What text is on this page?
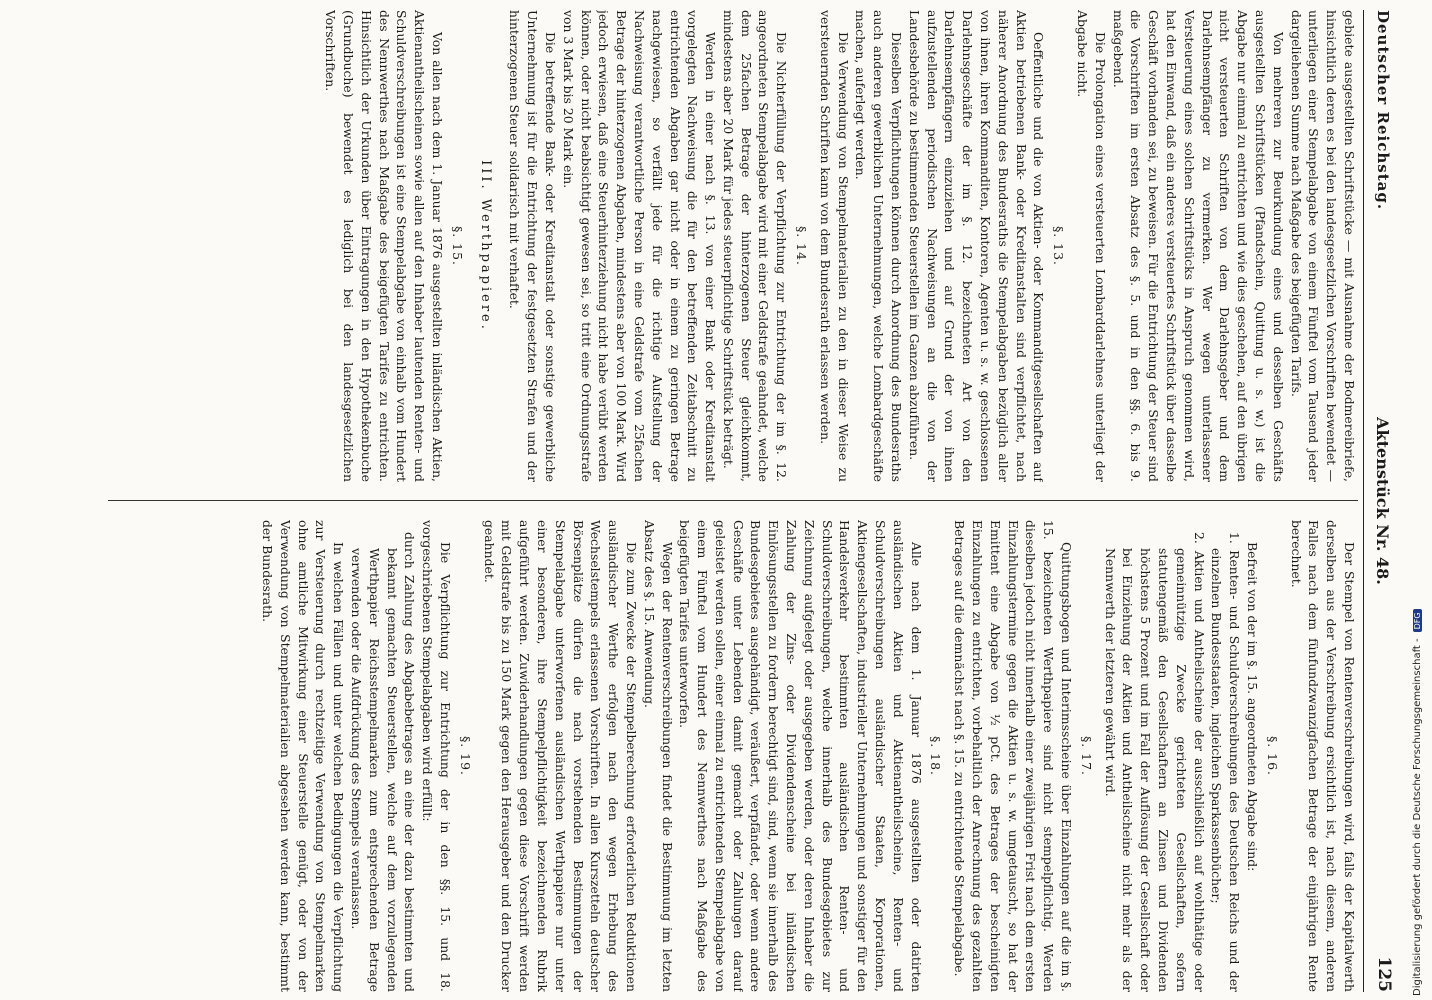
Digitalisierung gefördert durch die Deutsche Forschungsgemeinschaft -
DFG
Deutscher Reichstag.
Aktenstück Nr. 48.
125

gebiete ausgestellten Schriftstücke — mit Ausnahme der Bodmereibriefe, hinsichtlich deren es bei den landesgesetzlichen Vorschriften bewendet — unterliegen einer Stempelabgabe von einem Fünftel vom Tausend jeder dargeliehenen Summe nach Maßgabe des beigefügten Tarifs.

Von mehreren zur Beurkundung eines und desselben Geschäfts ausgestellten Schriftstücken (Pfandschein, Quittung u. s. w.) ist die Abgabe nur einmal zu entrichten und wie dies geschehen, auf den übrigen nicht versteuerten Schriften von dem Darlehnsgeber und dem Darlehnsempfänger zu vermerken. Wer wegen unterlassener Versteuerung eines solchen Schriftstücks in Anspruch genommen wird, hat den Einwand, daß ein anderes versteuertes Schriftstück über dasselbe Geschäft vorhanden sei, zu beweisen. Für die Entrichtung der Steuer sind die Vorschriften im ersten Absatz des §. 5. und in den §§. 6. bis 9. maßgebend.

Die Prolongation eines versteuerten Lombarddarlehnes unterliegt der Abgabe nicht.

§. 13.

Oeffentliche und die von Aktien- oder Kommanditgesellschaften auf Aktien betriebenen Bank- oder Kreditanstalten sind verpflichtet, nach näherer Anordnung des Bundesraths die Stempelabgaben bezüglich aller von ihnen, ihren Kommanditen, Kontoren, Agenten u. s. w. geschlossenen Darlehnsgeschäfte der im §. 12. bezeichneten Art von den Darlehnsempfängern einzuziehen und auf Grund der von ihnen aufzustellenden periodischen Nachweisungen an die von der Landesbehörde zu bestimmenden Steuerstellen im Ganzen abzuführen.

Dieselben Verpflichtungen können durch Anordnung des Bundesraths auch anderen gewerblichen Unternehmungen, welche Lombardgeschäfte machen, auferlegt werden.

Die Verwendung von Stempelmaterialien zu den in dieser Weise zu versteuernden Schriften kann von dem Bundesrath erlassen werden.

§. 14.

Die Nichterfüllung der Verpflichtung zur Entrichtung der im §. 12. angeordneten Stempelabgabe wird mit einer Geldstrafe geahndet, welche dem 25fachen Betrage der hinterzogenen Steuer gleichkommt, mindestens aber 20 Mark für jedes steuerpflichtige Schriftstück beträgt.

Werden in einer nach §. 13. von einer Bank oder Kreditanstalt vorgelegten Nachweisung die für den betreffenden Zeitabschnitt zu entrichtenden Abgaben gar nicht oder in einem zu geringen Betrage nachgewiesen, so verfällt jede für die richtige Aufstellung der Nachweisung verantwortliche Person in eine Geldstrafe vom 25fachen Betrage der hinterzogenen Abgaben, mindestens aber von 100 Mark. Wird jedoch erwiesen, daß eine Steuerhinterziehung nicht habe verübt werden können, oder nicht beabsichtigt gewesen sei, so tritt eine Ordnungsstrafe von 3 Mark bis 20 Mark ein.

Die betreffende Bank- oder Kreditanstalt oder sonstige gewerbliche Unternehmung ist für die Entrichtung der festgesetzten Strafen und der hinterzogenen Steuer solidarisch mit verhaftet.

III. Werthpapiere.
§. 15.

Von allen nach dem 1. Januar 1876 ausgestellten inländischen Aktien, Aktienantheilscheinen sowie allen auf den Inhaber lautenden Renten- und Schuldverschreibungen ist eine Stempelabgabe von einhalb vom Hundert des Nennwerthes nach Maßgabe des beigefügten Tarifes zu entrichten. Hinsichtlich der Urkunden über Eintragungen in den Hypothekenbuche (Grundbuche) bewendet es lediglich bei den landesgesetzlichen Vorschriften.

Der Stempel von Rentenverschreibungen wird, falls der Kapitalwerth derselben aus der Verschreibung ersichtlich ist, nach diesem, anderen Falles nach dem fünfundzwanzigfachen Betrage der einjährigen Rente berechnet.

§. 16.

Befreit von der im §. 15. angeordneten Abgabe sind:

1. Renten- und Schuldverschreibungen des Deutschen Reichs und der einzelnen Bundesstaaten, ingleichen Sparkassenbücher;

2. Aktien und Antheilscheine der ausschließlich auf wohlthätige oder gemeinnützige Zwecke gerichteten Gesellschaften, sofern statutengemäß den Gesellschaftern an Zinsen und Dividenden höchstens 5 Prozent und im Fall der Auflösung der Gesellschaft oder bei Einziehung der Aktien und Antheilscheine nicht mehr als der Nennwerth der letzteren gewährt wird.

§. 17.

Quittungsbogen und Interimsscheine über Einzahlungen auf die im §. 15. bezeichneten Werthpapiere sind nicht stempelpflichtig. Werden dieselben jedoch nicht innerhalb einer zweijährigen Frist nach dem ersten Einzahlungstermine gegen die Aktien u. s. w. umgetauscht, so hat der Emittent eine Abgabe von ½ pCt. des Betrages der bescheinigten Einzahlungen zu entrichten, vorbehaltlich der Anrechnung des gezahlten Betrages auf die demnächst nach §. 15. zu entrichtende Stempelabgabe.

§. 18.

Alle nach dem 1. Januar 1876 ausgestellten oder datirten ausländischen Aktien und Aktienantheilscheine, Renten- und Schuldverschreibungen ausländischer Staaten, Korporationen, Aktiengesellschaften, industrieller Unternehmungen und sonstiger für den Handelsverkehr bestimmten ausländischen Renten- und Schuldverschreibungen, welche innerhalb des Bundesgebietes zur Zeichnung aufgelegt oder ausgegeben werden, oder deren Inhaber die Zahlung der Zins- oder Dividendenscheine bei inländischen Einlösungsstellen zu fordern berechtigt sind, sind, wenn sie innerhalb des Bundesgebietes ausgehändigt, veräußert, verpfändet, oder wenn andere Geschäfte unter Lebenden damit gemacht oder Zahlungen darauf geleistet werden sollen, einer einmal zu entrichtenden Stempelabgabe von einem Fünftel vom Hundert des Nennwerthes nach Maßgabe des beigefügten Tarifes unterworfen.

Wegen der Rentenverschreibungen findet die Bestimmung im letzten Absatz des §. 15. Anwendung.

Die zum Zwecke der Stempelberechnung erforderlichen Reduktionen ausländischer Werthe erfolgen nach den wegen Erhebung des Wechselstempels erlassenen Vorschriften. In allen Kurszetteln deutscher Börsenplätze dürfen die nach vorstehenden Bestimmungen der Stempelabgabe unterworfenen ausländischen Werthpapiere nur unter einer besonderen, ihre Stempelpflichtigkeit bezeichnenden Rubrik aufgeführt werden. Zuwiderhandlungen gegen diese Vorschrift werden mit Geldstrafe bis zu 150 Mark gegen den Herausgeber und den Drucker geahndet.

§. 19.

Die Verpflichtung zur Entrichtung der in den §§. 15. und 18. vorgeschriebenen Stempelabgaben wird erfüllt:

durch Zahlung des Abgabebetrages an eine der dazu bestimmten und bekannt gemachten Steuerstellen, welche auf dem vorzulegenden Werthpapier Reichsstempelmarken zum entsprechenden Betrage verwenden oder die Aufdrückung des Stempels veranlassen.

In welchen Fällen und unter welchen Bedingungen die Verpflichtung zur Versteuerung durch rechtzeitige Verwendung von Stempelmarken ohne amtliche Mitwirkung einer Steuerstelle genügt, oder von der Verwendung von Stempelmaterialien abgesehen werden kann, bestimmt der Bundesrath.
